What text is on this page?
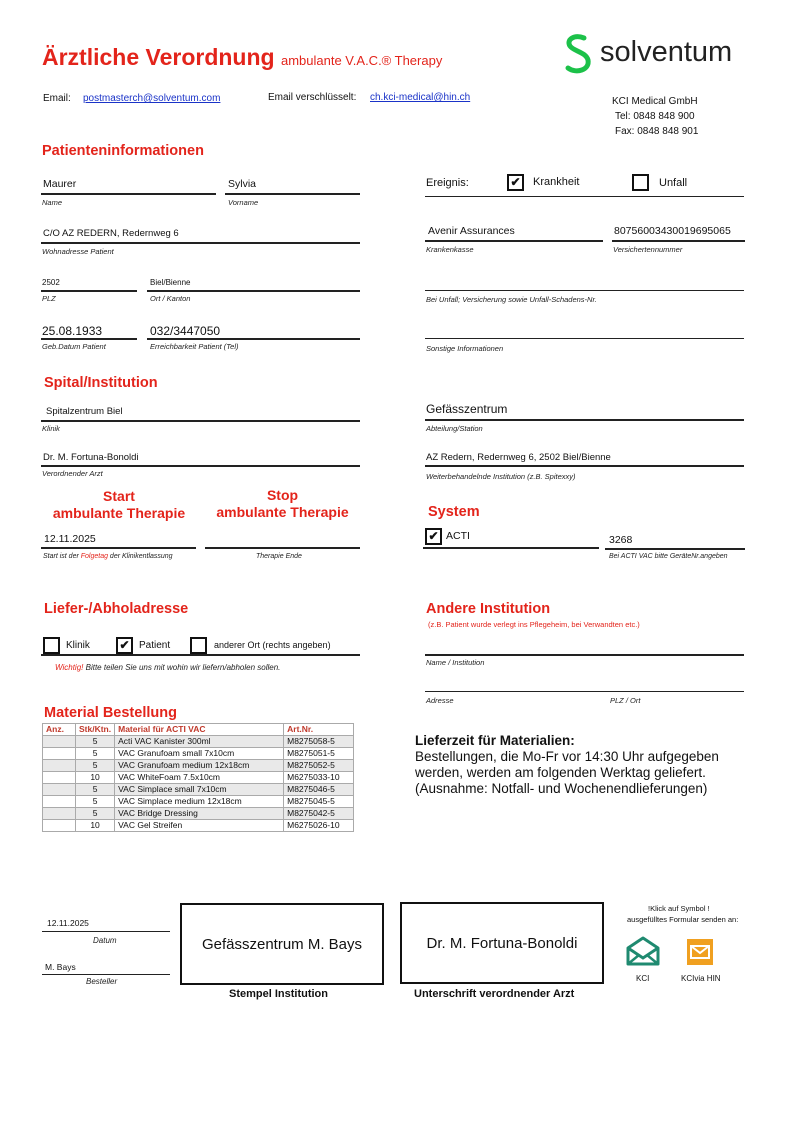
Ärztliche Verordnung ambulante V.A.C.® Therapy	solventum
Email: postmasterch@solventum.com	Email verschlüsselt: ch.kci-medical@hin.ch	KCI Medical GmbH
Tel: 0848 848 900
Fax: 0848 848 901
Patienteninformationen
Maurer
Name
Sylvia
Vorname
C/O AZ REDERN, Redernweg 6
Wohnadresse Patient
2502
PLZ
Biel/Bienne
Ort / Kanton
25.08.1933
Geb.Datum Patient
032/3447050
Erreichbarkeit Patient (Tel)
Ereignis:	✔	Krankheit	Unfall
Avenir Assurances
Krankenkasse
80756003430019695065
Versichertennummer
Bei Unfall; Versicherung sowie Unfall-Schadens-Nr.
Sonstige Informationen
Spital/Institution
Spitalzentrum Biel
Klinik
Gefässzentrum
Abteilung/Station
Dr. M. Fortuna-Bonoldi
Verordnender Arzt
AZ Redern, Redernweg 6, 2502 Biel/Bienne
Weiterbehandelnde Institution (z.B. Spitexxy)
Start
ambulante Therapie
Stop
ambulante Therapie
12.11.2025
Start ist der Folgetag der Klinikentlassung	Therapie Ende
System
✔ ACTI	3268
Bei ACTI VAC bitte GeräteNr.angeben
Liefer-/Abholadresse
Klinik ✔ Patient	anderer Ort (rechts angeben)
Wichtig! Bitte teilen Sie uns mit wohin wir liefern/abholen sollen.
Andere Institution
(z.B. Patient wurde verlegt ins Pflegeheim, bei Verwandten etc.)
Name / Institution
Adresse	PLZ / Ort
Material Bestellung
Anz.	Stk/Ktn.	Material für ACTI VAC	Art.Nr.
	5	Acti VAC Kanister 300ml	M8275058-5
	5	VAC Granufoam small 7x10cm	M8275051-5
	5	VAC Granufoam medium 12x18cm	M8275052-5
	10	VAC WhiteFoam 7.5x10cm	M6275033-10
	5	VAC Simplace small 7x10cm	M8275046-5
	5	VAC Simplace medium 12x18cm	M8275045-5
	5	VAC Bridge Dressing	M8275042-5
	10	VAC Gel Streifen	M6275026-10
Lieferzeit für Materialien:
Bestellungen, die Mo-Fr vor 14:30 Uhr aufgegeben
werden, werden am folgenden Werktag geliefert.
(Ausnahme: Notfall- und Wochenendlieferungen)
12.11.2025
Datum
M. Bays
Besteller
Gefässzentrum M. Bays
Stempel Institution
Dr. M. Fortuna-Bonoldi
Unterschrift verordnender Arzt
!Klick auf Symbol !
ausgefülltes Formular senden an:
KCI	KCIvia HIN
